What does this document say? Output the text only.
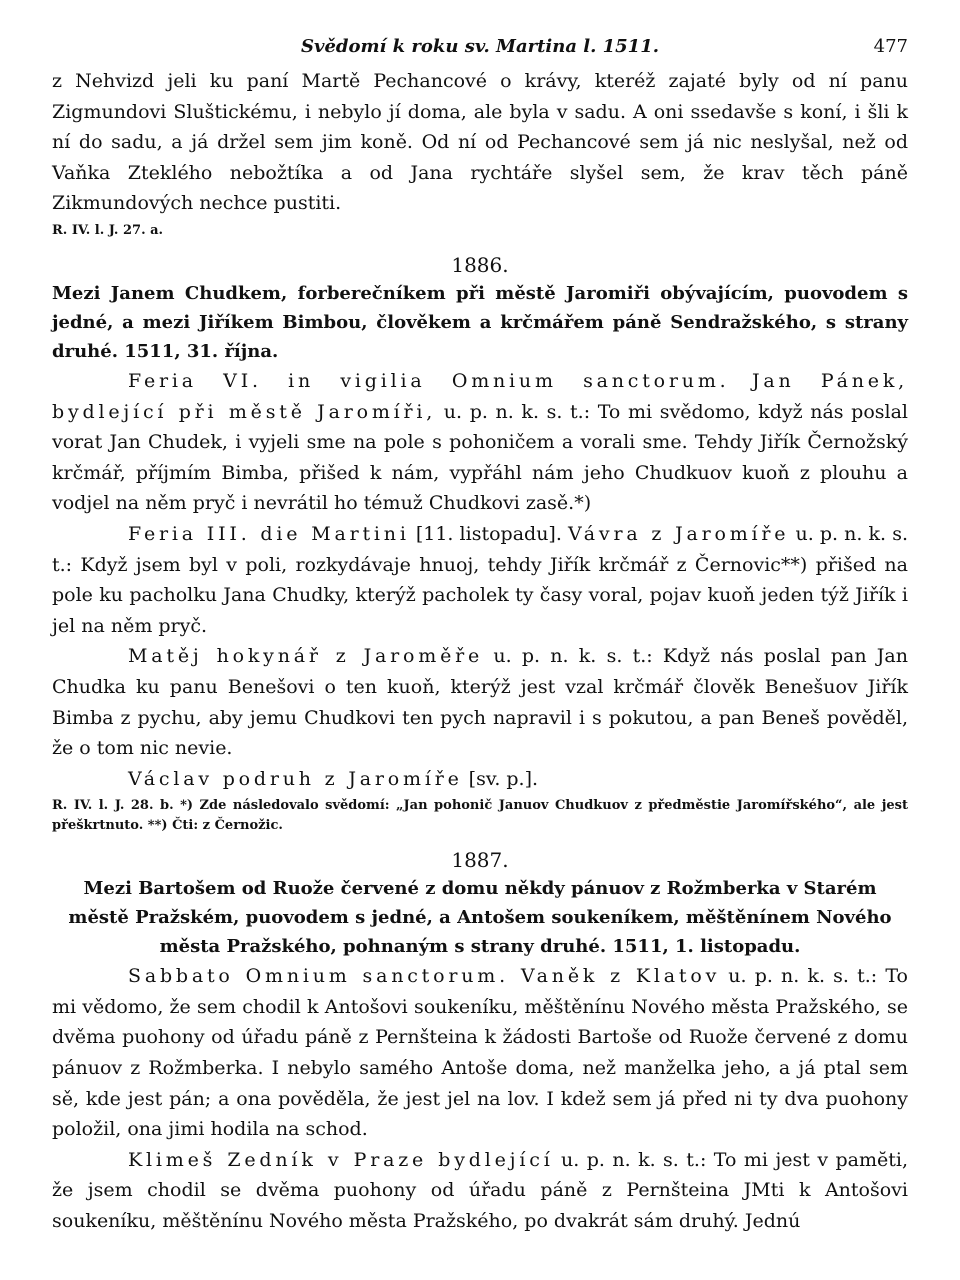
Svědomí k roku sv. Martina l. 1511.	477

z Nehvizd jeli ku paní Martě Pechancové o krávy, kteréž zajaté byly od ní panu Zigmundovi Sluštickému, i nebylo jí doma, ale byla v sadu. A oni ssedavše s koní, i šli k ní do sadu, a já držel sem jim koně. Od ní od Pechancové sem já nic neslyšal, než od Vaňka Zteklého nebožtíka a od Jana rychtáře slyšel sem, že krav těch páně Zikmundových nechce pustiti.

R. IV. l. J. 27. a.
1886.
Mezi Janem Chudkem, forberečníkem při městě Jaromiři obývajícím, puovodem s jedné, a mezi Jiříkem Bimbou, člověkem a krčmářem páně Sendražského, s strany druhé. 1511, 31. října.

Feria VI. in vigilia Omnium sanctorum. Jan Pánek, bydlející při městě Jaromíři, u. p. n. k. s. t.: To mi svědomo, když nás poslal vorat Jan Chudek, i vyjeli sme na pole s pohoničem a vorali sme. Tehdy Jiřík Černožský krčmář, příjmím Bimba, přišed k nám, vypřáhl nám jeho Chudkuov kuoň z plouhu a vodjel na něm pryč i nevrátil ho témuž Chudkovi zasě.*)

Feria III. die Martini [11. listopadu]. Vávra z Jaromíře u. p. n. k. s. t.: Když jsem byl v poli, rozkydávaje hnuoj, tehdy Jiřík krčmář z Černovic**) přišed na pole ku pacholku Jana Chudky, kterýž pacholek ty časy voral, pojav kuoň jeden týž Jiřík i jel na něm pryč.

Matěj hokynář z Jaroměře u. p. n. k. s. t.: Když nás poslal pan Jan Chudka ku panu Benešovi o ten kuoň, kterýž jest vzal krčmář člověk Benešuov Jiřík Bimba z pychu, aby jemu Chudkovi ten pych napravil i s pokutou, a pan Beneš pověděl, že o tom nic nevie.

Václav podruh z Jaromíře [sv. p.].

R. IV. l. J. 28. b. *) Zde následovalo svědomí: „Jan pohonič Januov Chudkuov z předměstie Jaromířského“, ale jest přeškrtnuto. **) Čti: z Černožic.
1887.
Mezi Bartošem od Ruože červené z domu někdy pánuov z Rožmberka v Starém městě Pražském, puovodem s jedné, a Antošem soukeníkem, měštěnínem Nového města Pražského, pohnaným s strany druhé. 1511, 1. listopadu.

Sabbato Omnium sanctorum. Vaněk z Klatov u. p. n. k. s. t.: To mi vědomo, že sem chodil k Antošovi soukeníku, měštěnínu Nového města Pražského, se dvěma puohony od úřadu páně z Pernšteina k žádosti Bartoše od Ruože červené z domu pánuov z Rožmberka. I nebylo samého Antoše doma, než manželka jeho, a já ptal sem sě, kde jest pán; a ona pověděla, že jest jel na lov. I kdež sem já před ni ty dva puohony položil, ona jimi hodila na schod.

Klimeš Zedník v Praze bydlející u. p. n. k. s. t.: To mi jest v pamĕti, že jsem chodil se dvěma puohony od úřadu páně z Pernšteina JMti k Antošovi soukeníku, měštěnínu Nového města Pražského, po dvakrát sám druhý. Jednú
